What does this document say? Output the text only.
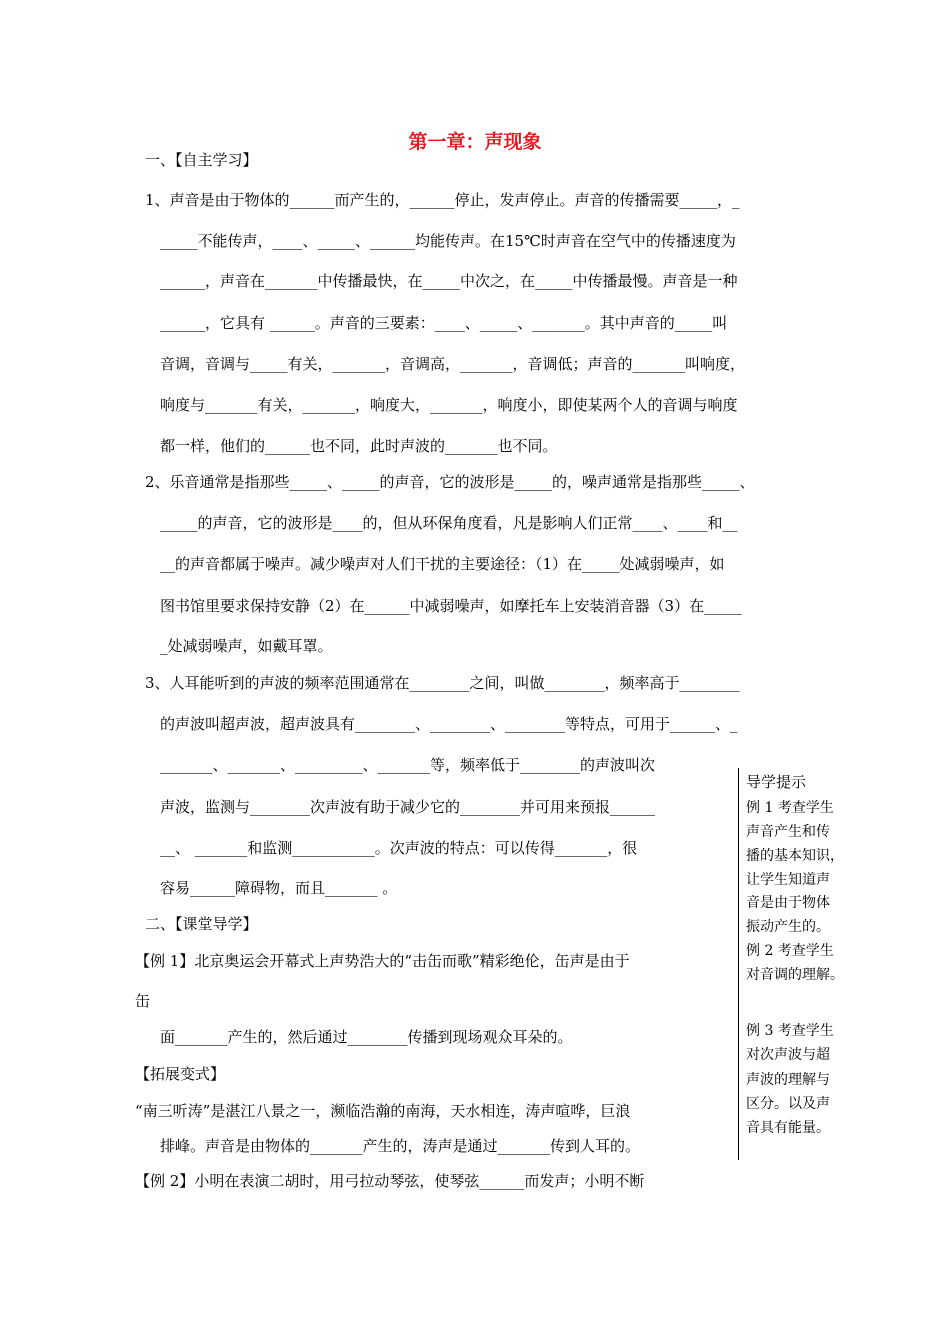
第一章：声现象
一、【自主学习】
1、声音是由于物体的______而产生的，______停止，发声停止。声音的传播需要_____，_
_____不能传声，____、_____、______均能传声。在15℃时声音在空气中的传播速度为
______，声音在_______中传播最快，在_____中次之，在_____中传播最慢。声音是一种
______，它具有 ______。声音的三要素：____、_____、_______。其中声音的_____叫
音调，音调与_____有关，_______，音调高，_______，音调低；声音的_______叫响度，
响度与_______有关，_______，响度大，_______，响度小，即使某两个人的音调与响度
都一样，他们的______也不同，此时声波的_______也不同。
2、乐音通常是指那些_____、_____的声音，它的波形是_____的，噪声通常是指那些_____、
_____的声音，它的波形是____的，但从环保角度看，凡是影响人们正常____、____和__
__的声音都属于噪声。减少噪声对人们干扰的主要途径：（1）在_____处减弱噪声，如
图书馆里要求保持安静（2）在______中减弱噪声，如摩托车上安装消音器（3）在_____
_处减弱噪声，如戴耳罩。
3、人耳能听到的声波的频率范围通常在________之间，叫做________，频率高于________
的声波叫超声波，超声波具有________、________、________等特点，可用于______、_
_______、_______、_________、_______等，频率低于________的声波叫次
声波，监测与________次声波有助于减少它的________并可用来预报______
__、 _______和监测___________。次声波的特点：可以传得_______，很
容易______障碍物，而且_______ 。
二、【课堂导学】
【例 1】北京奥运会开幕式上声势浩大的“击缶而歌”精彩绝伦，缶声是由于
缶
面_______产生的，然后通过________传播到现场观众耳朵的。
【拓展变式】
“南三听涛”是湛江八景之一，濒临浩瀚的南海，天水相连，涛声喧哗，巨浪
排峰。声音是由物体的_______产生的，涛声是通过_______传到人耳的。
【例 2】小明在表演二胡时，用弓拉动琴弦，使琴弦______而发声；小明不断
导学提示
例 1 考查学生
声音产生和传
播的基本知识，
让学生知道声
音是由于物体
振动产生的。
例 2 考查学生
对音调的理解。
例 3 考查学生
对次声波与超
声波的理解与
区分。以及声
音具有能量。
